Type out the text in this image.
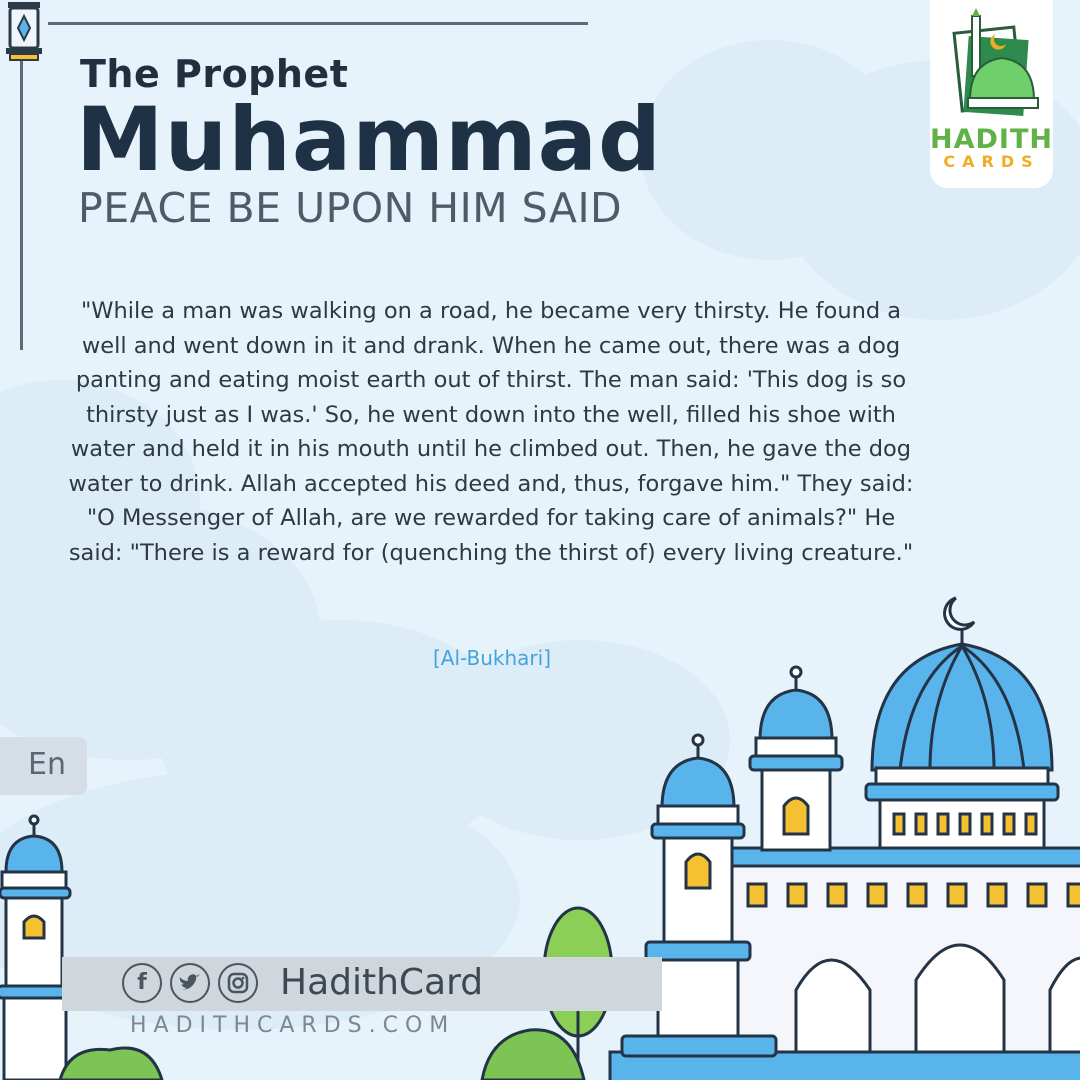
The Prophet
Muhammad
PEACE BE UPON HIM SAID
HADITH
CARDS

"While a man was walking on a road, he became very thirsty. He found a well and went down in it and drank. When he came out, there was a dog panting and eating moist earth out of thirst. The man said: 'This dog is so thirsty just as I was.' So, he went down into the well, filled his shoe with water and held it in his mouth until he climbed out. Then, he gave the dog water to drink. Allah accepted his deed and, thus, forgave him." They said: "O Messenger of Allah, are we rewarded for taking care of animals?" He said: "There is a reward for (quenching the thirst of) every living creature."

[Al-Bukhari]
En
f	HadithCard
HADITHCARDS.COM
